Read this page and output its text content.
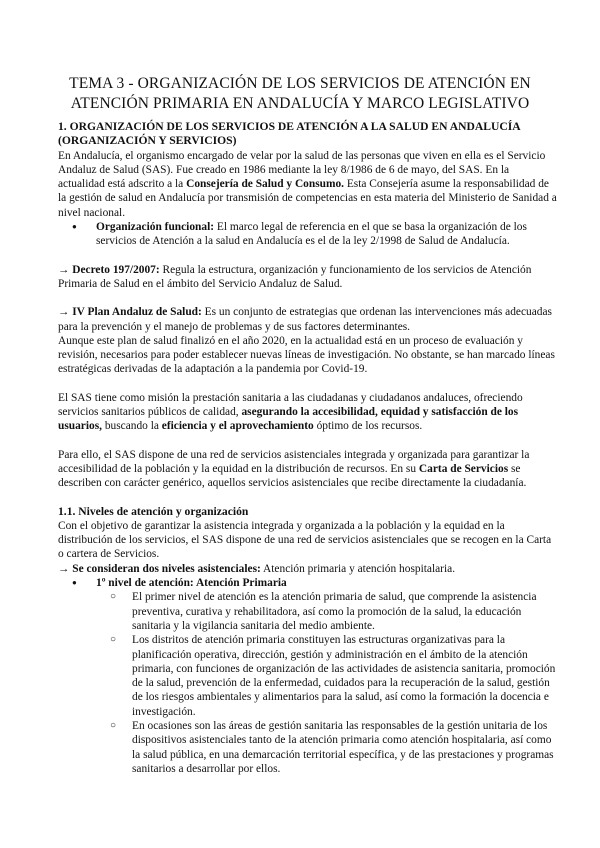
TEMA 3 - ORGANIZACIÓN DE LOS SERVICIOS DE ATENCIÓN EN
ATENCIÓN PRIMARIA EN ANDALUCÍA Y MARCO LEGISLATIVO

1. ORGANIZACIÓN DE LOS SERVICIOS DE ATENCIÓN A LA SALUD EN ANDALUCÍA (ORGANIZACIÓN Y SERVICIOS)

En Andalucía, el organismo encargado de velar por la salud de las personas que viven en ella es el Servicio Andaluz de Salud (SAS). Fue creado en 1986 mediante la ley 8/1986 de 6 de mayo, del SAS. En la actualidad está adscrito a la Consejería de Salud y Consumo. Esta Consejería asume la responsabilidad de la gestión de salud en Andalucía por transmisión de competencias en esta materia del Ministerio de Sanidad a nivel nacional.

● Organización funcional: El marco legal de referencia en el que se basa la organización de los servicios de Atención a la salud en Andalucía es el de la ley 2/1998 de Salud de Andalucía.

→ Decreto 197/2007: Regula la estructura, organización y funcionamiento de los servicios de Atención Primaria de Salud en el ámbito del Servicio Andaluz de Salud.

→ IV Plan Andaluz de Salud: Es un conjunto de estrategias que ordenan las intervenciones más adecuadas para la prevención y el manejo de problemas y de sus factores determinantes.

Aunque este plan de salud finalizó en el año 2020, en la actualidad está en un proceso de evaluación y revisión, necesarios para poder establecer nuevas líneas de investigación. No obstante, se han marcado líneas estratégicas derivadas de la adaptación a la pandemia por Covid-19.

El SAS tiene como misión la prestación sanitaria a las ciudadanas y ciudadanos andaluces, ofreciendo servicios sanitarios públicos de calidad, asegurando la accesibilidad, equidad y satisfacción de los usuarios, buscando la eficiencia y el aprovechamiento óptimo de los recursos.

Para ello, el SAS dispone de una red de servicios asistenciales integrada y organizada para garantizar la accesibilidad de la población y la equidad en la distribución de recursos. En su Carta de Servicios se describen con carácter genérico, aquellos servicios asistenciales que recibe directamente la ciudadanía.

1.1. Niveles de atención y organización

Con el objetivo de garantizar la asistencia integrada y organizada a la población y la equidad en la distribución de los servicios, el SAS dispone de una red de servicios asistenciales que se recogen en la Carta o cartera de Servicios.

→ Se consideran dos niveles asistenciales: Atención primaria y atención hospitalaria.

● 1º nivel de atención: Atención Primaria
○ El primer nivel de atención es la atención primaria de salud, que comprende la asistencia preventiva, curativa y rehabilitadora, así como la promoción de la salud, la educación sanitaria y la vigilancia sanitaria del medio ambiente.
○ Los distritos de atención primaria constituyen las estructuras organizativas para la planificación operativa, dirección, gestión y administración en el ámbito de la atención primaria, con funciones de organización de las actividades de asistencia sanitaria, promoción de la salud, prevención de la enfermedad, cuidados para la recuperación de la salud, gestión de los riesgos ambientales y alimentarios para la salud, así como la formación la docencia e investigación.
○ En ocasiones son las áreas de gestión sanitaria las responsables de la gestión unitaria de los dispositivos asistenciales tanto de la atención primaria como atención hospitalaria, así como la salud pública, en una demarcación territorial específica, y de las prestaciones y programas sanitarios a desarrollar por ellos.
